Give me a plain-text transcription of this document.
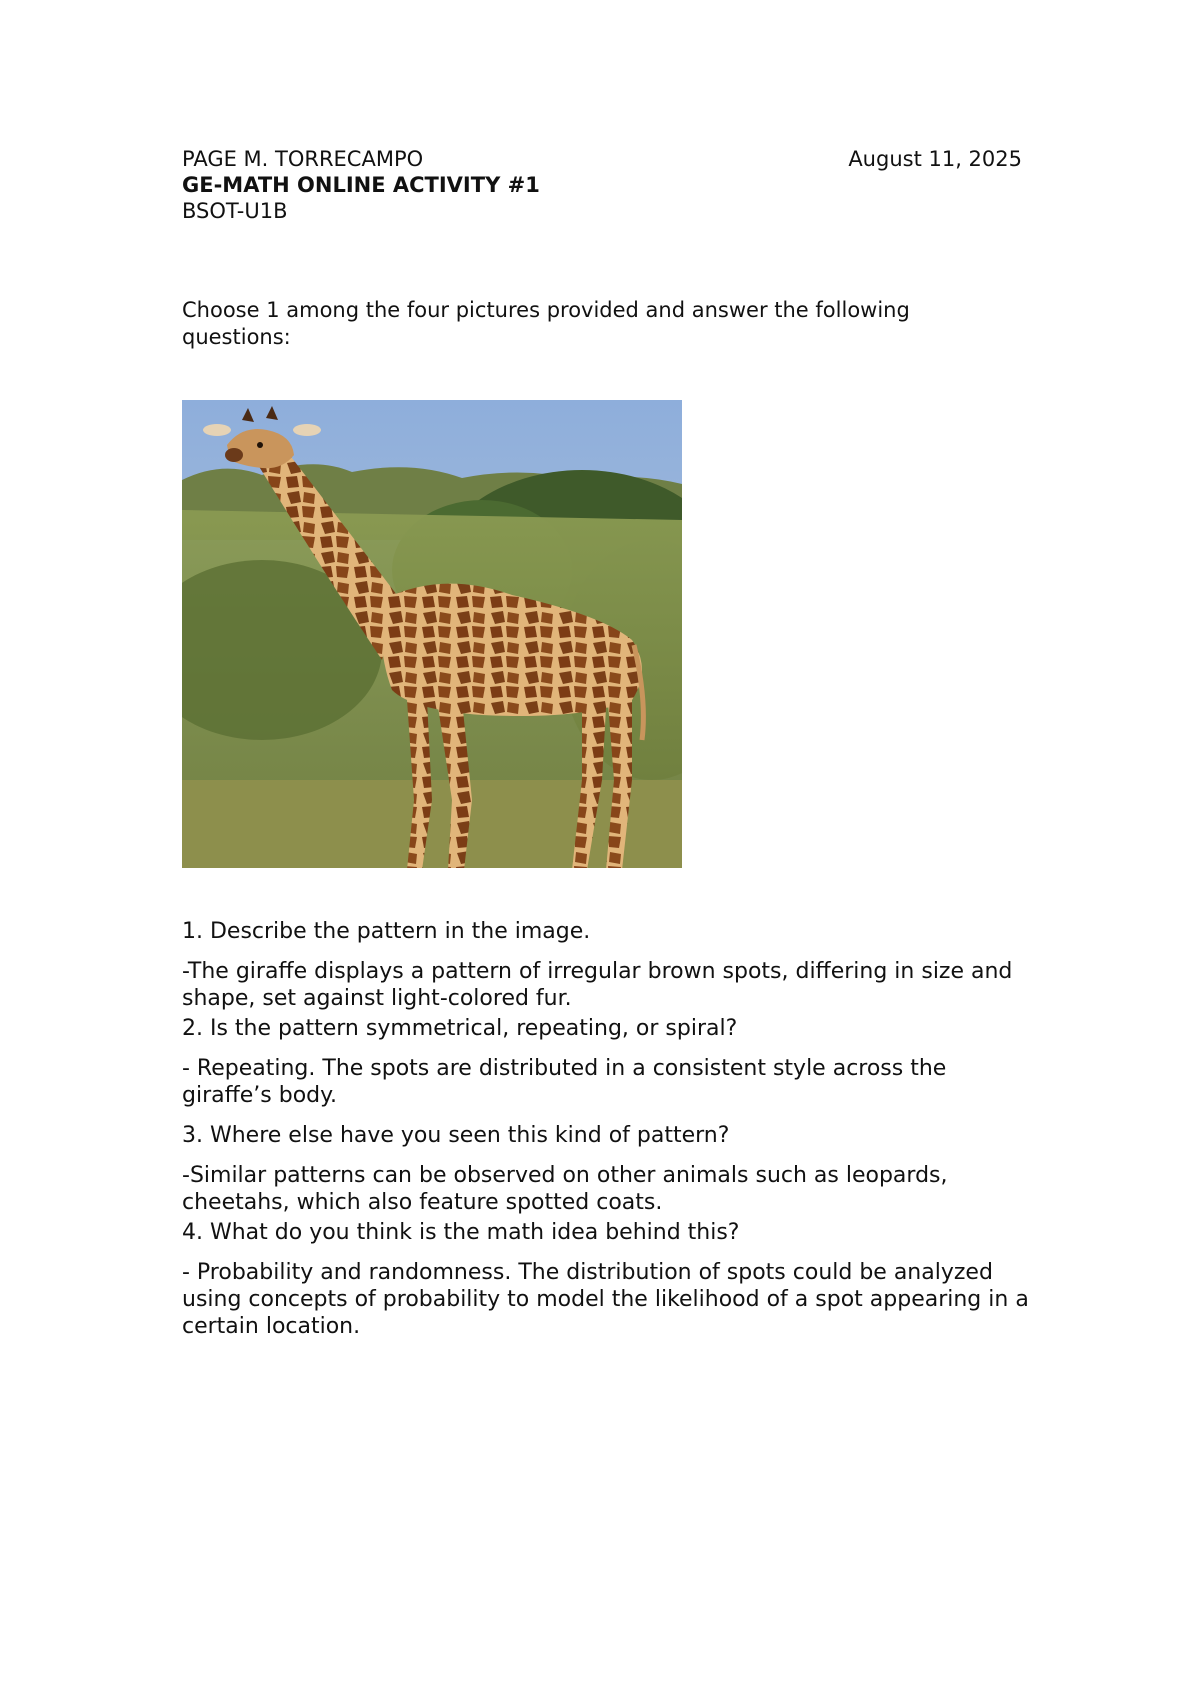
PAGE M. TORRECAMPO	August 11, 2025
GE-MATH ONLINE ACTIVITY #1
BSOT-U1B
Choose 1 among the four pictures provided and answer the following questions:

1. Describe the pattern in the image.

-The giraffe displays a pattern of irregular brown spots, differing in size and shape, set against light-colored fur.

2. Is the pattern symmetrical, repeating, or spiral?

- Repeating. The spots are distributed in a consistent style across the giraffe’s body.

3. Where else have you seen this kind of pattern?

-Similar patterns can be observed on other animals such as leopards, cheetahs, which also feature spotted coats.

4. What do you think is the math idea behind this?

- Probability and randomness. The distribution of spots could be analyzed using concepts of probability to model the likelihood of a spot appearing in a certain location.
